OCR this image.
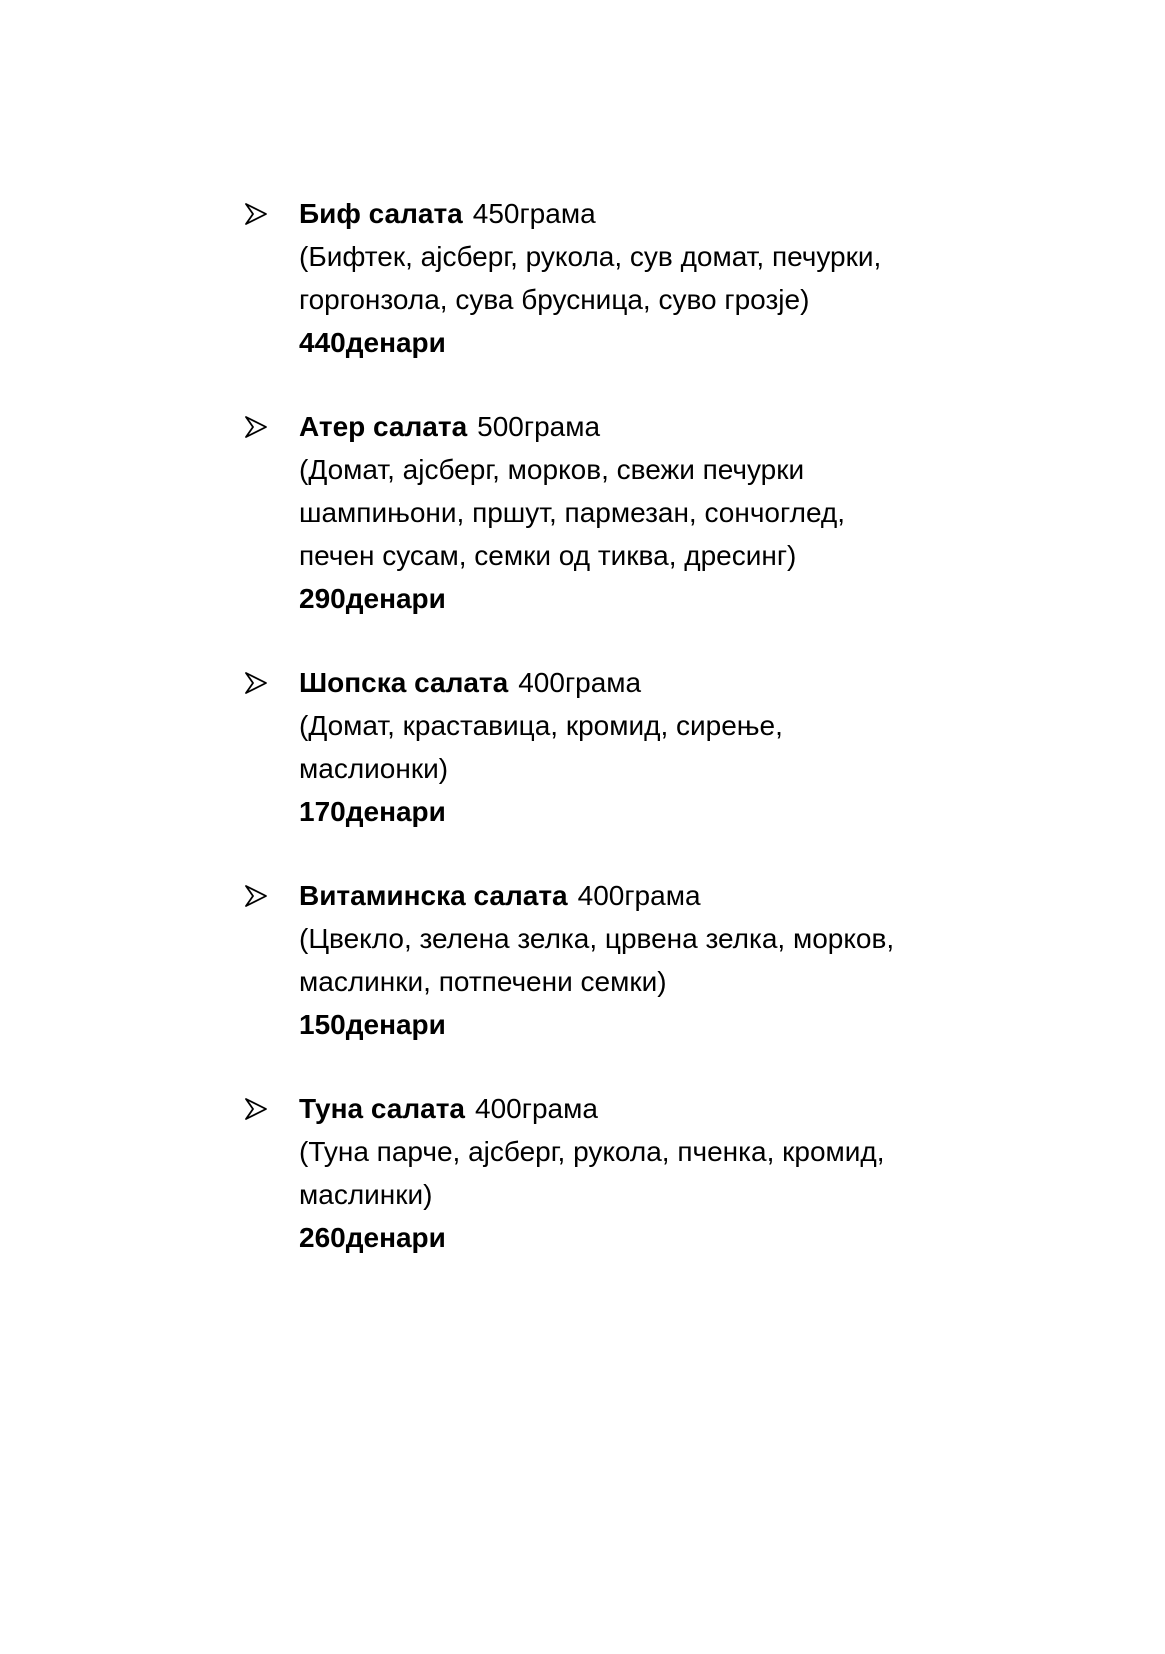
Биф салата 450грама
(Бифтек, ајсберг, рукола, сув домат, печурки,
горгонзола, сува брусница, суво грозје)
440денари
Атер салата 500грама
(Домат, ајсберг, морков, свежи печурки
шампињони, пршут, пармезан, сончоглед,
печен сусам, семки од тиква, дресинг)
290денари
Шопска салата 400грама
(Домат, краставица, кромид, сирење,
маслионки)
170денари
Витаминска салата 400грама
(Цвекло, зелена зелка, црвена зелка, морков,
маслинки, потпечени семки)
150денари
Туна салата 400грама
(Туна парче, ајсберг, рукола, пченка, кромид,
маслинки)
260денари
